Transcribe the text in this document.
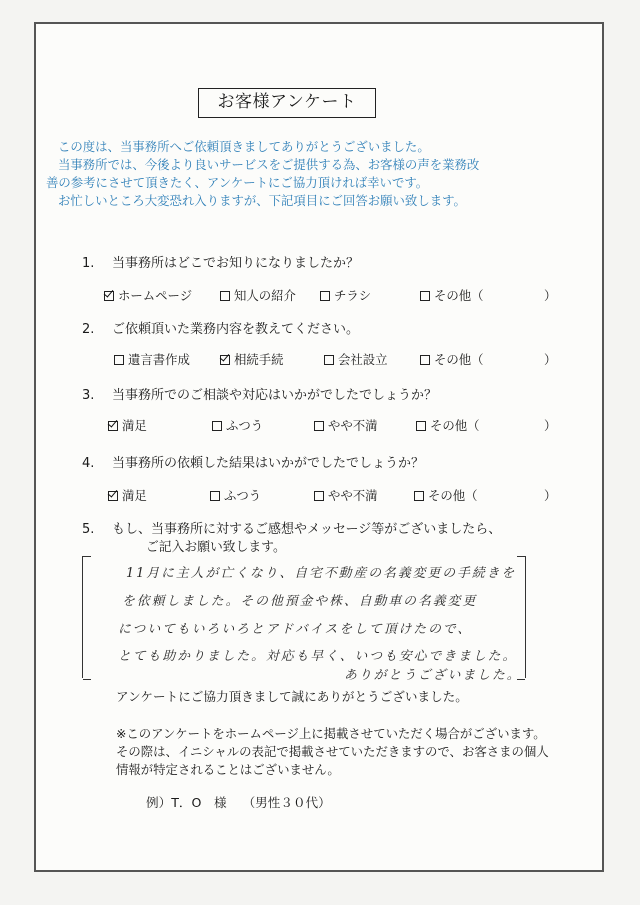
お客様アンケート
この度は、当事務所へご依頼頂きましてありがとうございました。
当事務所では、今後より良いサービスをご提供する為、お客様の声を業務改
善の参考にさせて頂きたく、アンケートにご協力頂ければ幸いです。
お忙しいところ大変恐れ入りますが、下記項目にご回答お願い致します。
1. 当事務所はどこでお知りになりましたか？
ホームページ	知人の紹介	チラシ	その他（	）
2. ご依頼頂いた業務内容を教えてください。
遺言書作成	相続手続	会社設立	その他（	）
3. 当事務所でのご相談や対応はいかがでしたでしょうか？
満足	ふつう	やや不満	その他（	）
4. 当事務所の依頼した結果はいかがでしたでしょうか？
満足	ふつう	やや不満	その他（	）
5. もし、当事務所に対するご感想やメッセージ等がございましたら、
ご記入お願い致します。
11月に主人が亡くなり、自宅不動産の名義変更の手続きを
を依頼しました。その他預金や株、自動車の名義変更
についてもいろいろとアドバイスをして頂けたので、
とても助かりました。対応も早く、いつも安心できました。
ありがとうございました。
アンケートにご協力頂きまして誠にありがとうございました。
※このアンケートをホームページ上に掲載させていただく場合がございます。
その際は、イニシャルの表記で掲載させていただきますので、お客さまの個人
情報が特定されることはございません。
例）T．O　様 （男性３０代）
